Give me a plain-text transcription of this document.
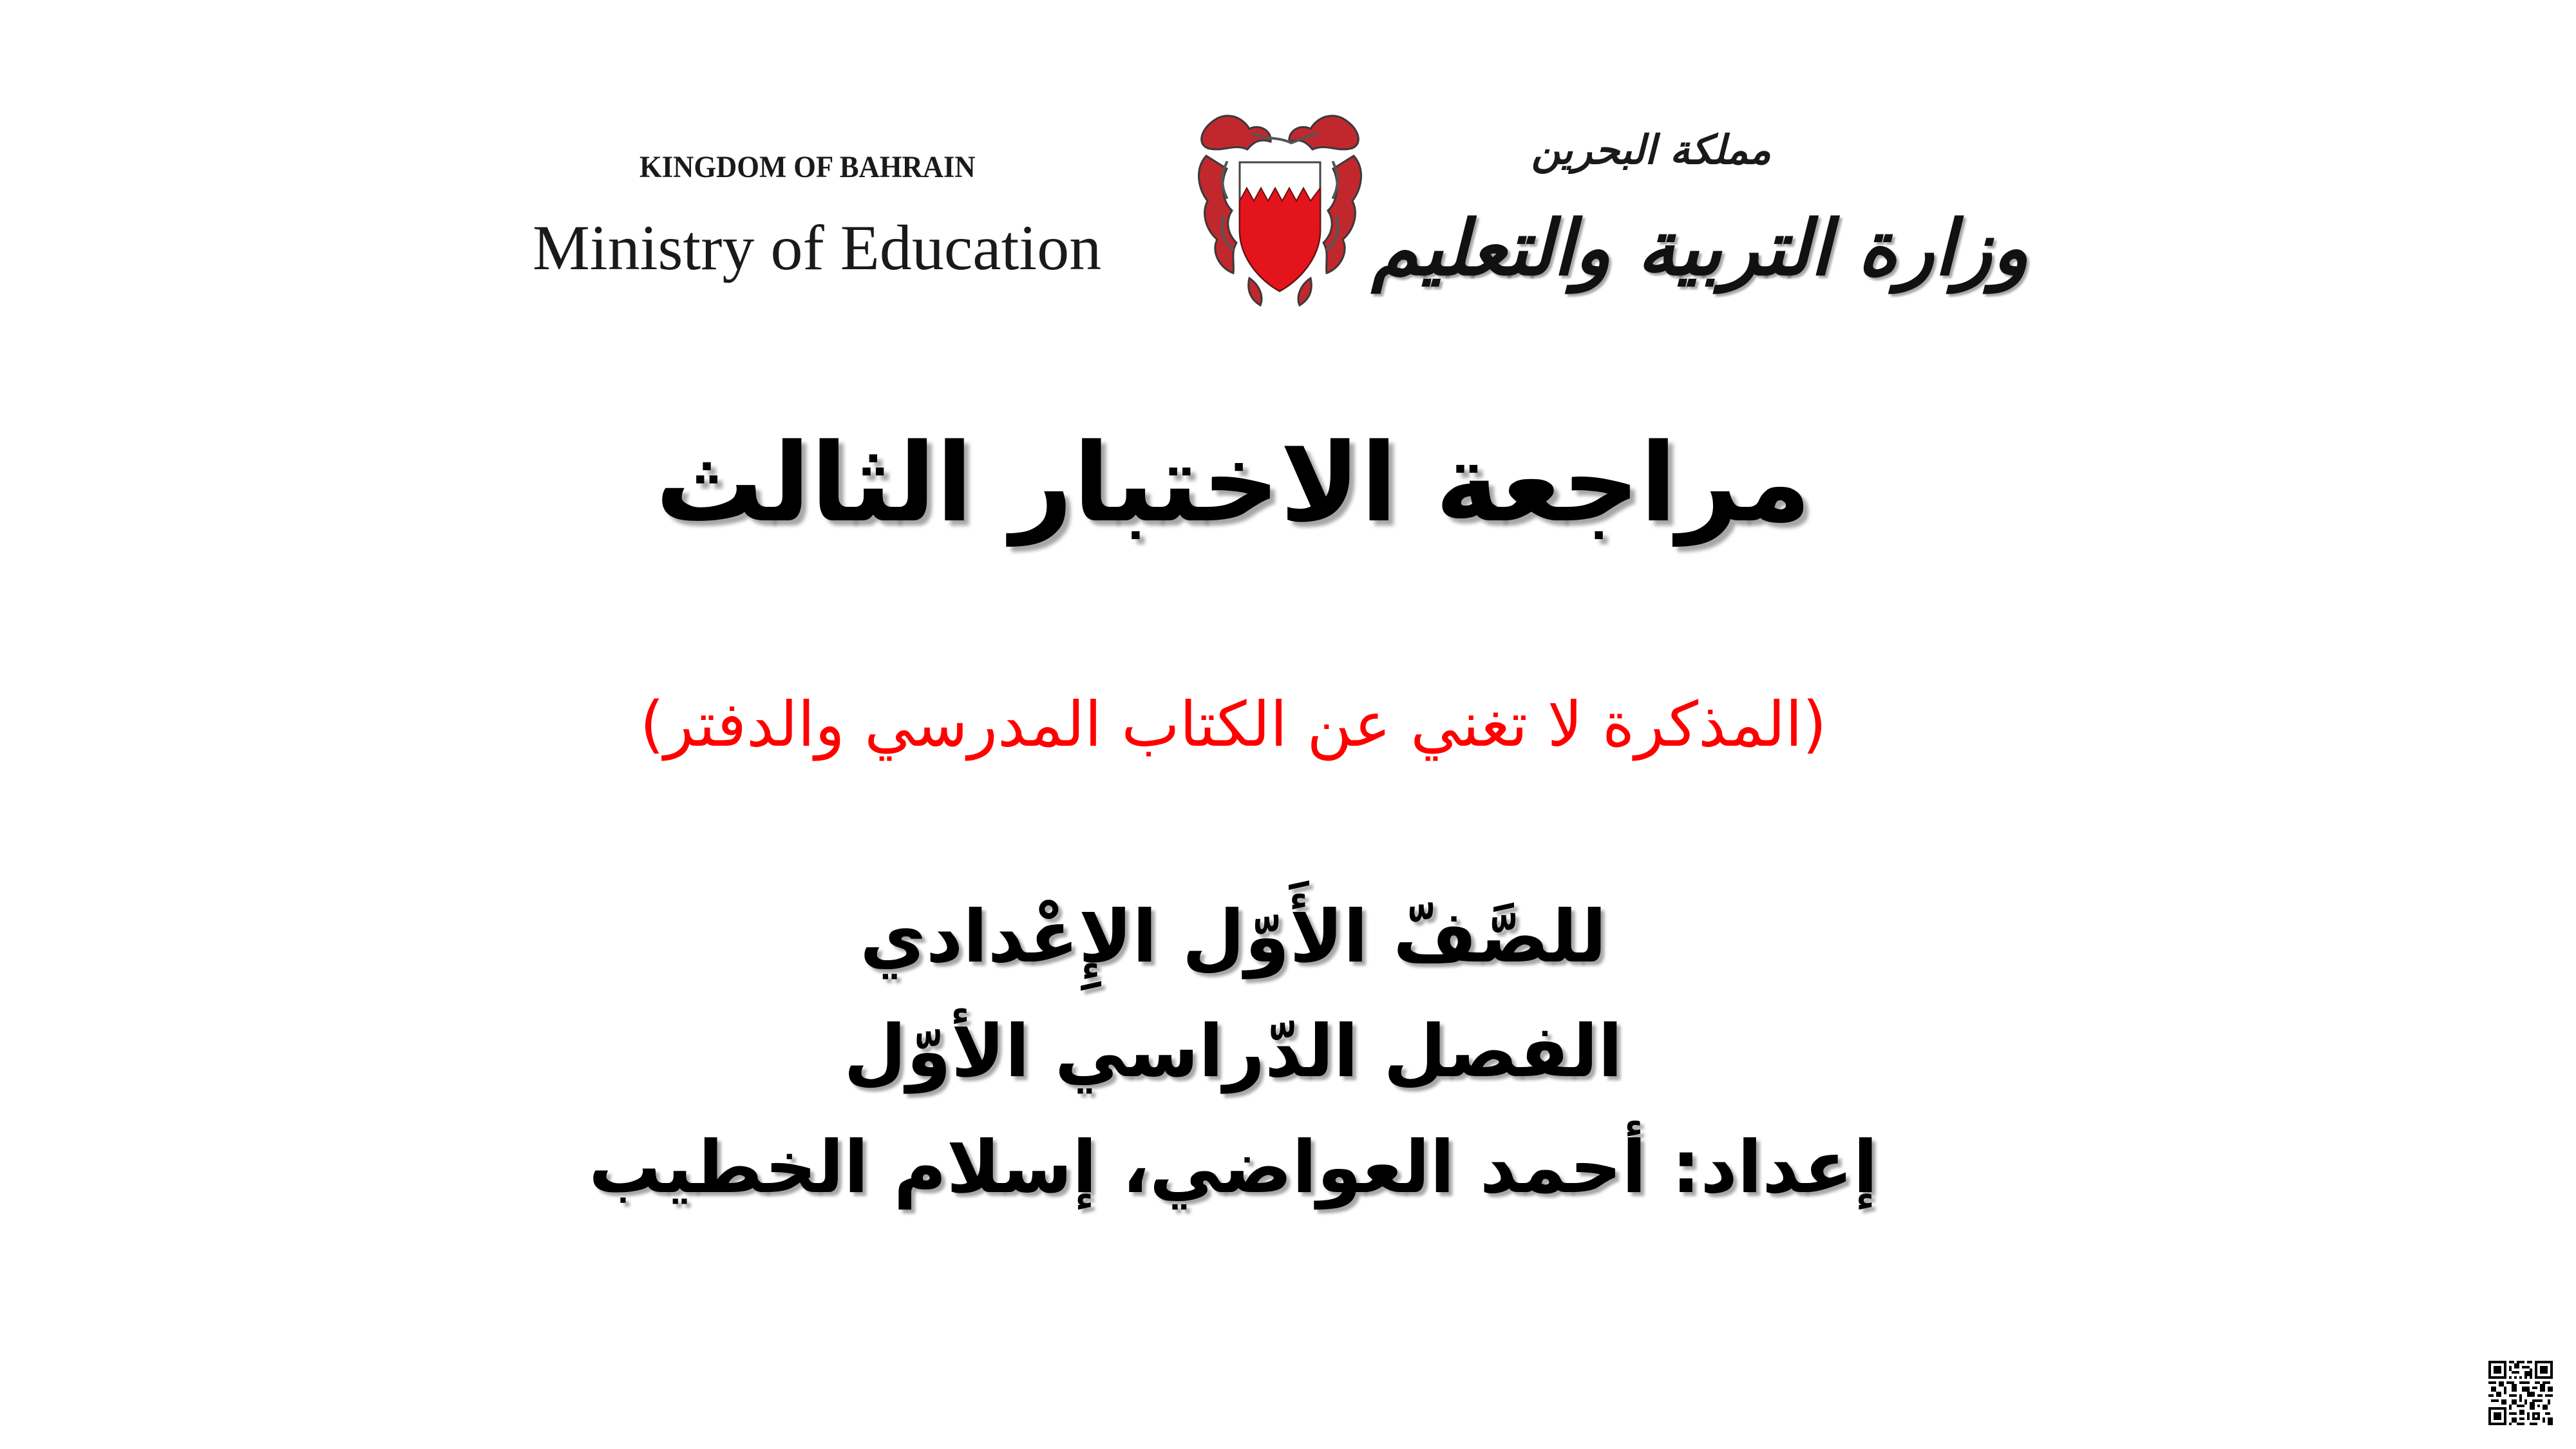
KINGDOM OF BAHRAIN
Ministry of Education
مملكة البحرين
وزارة التربية والتعليم
مراجعة الاختبار الثالث
(المذكرة لا تغني عن الكتاب المدرسي والدفتر)
للصَّفّ الأَوّل الإِعْدادي
الفصل الدّراسي الأوّل
إعداد: أحمد العواضي، إسلام الخطيب
